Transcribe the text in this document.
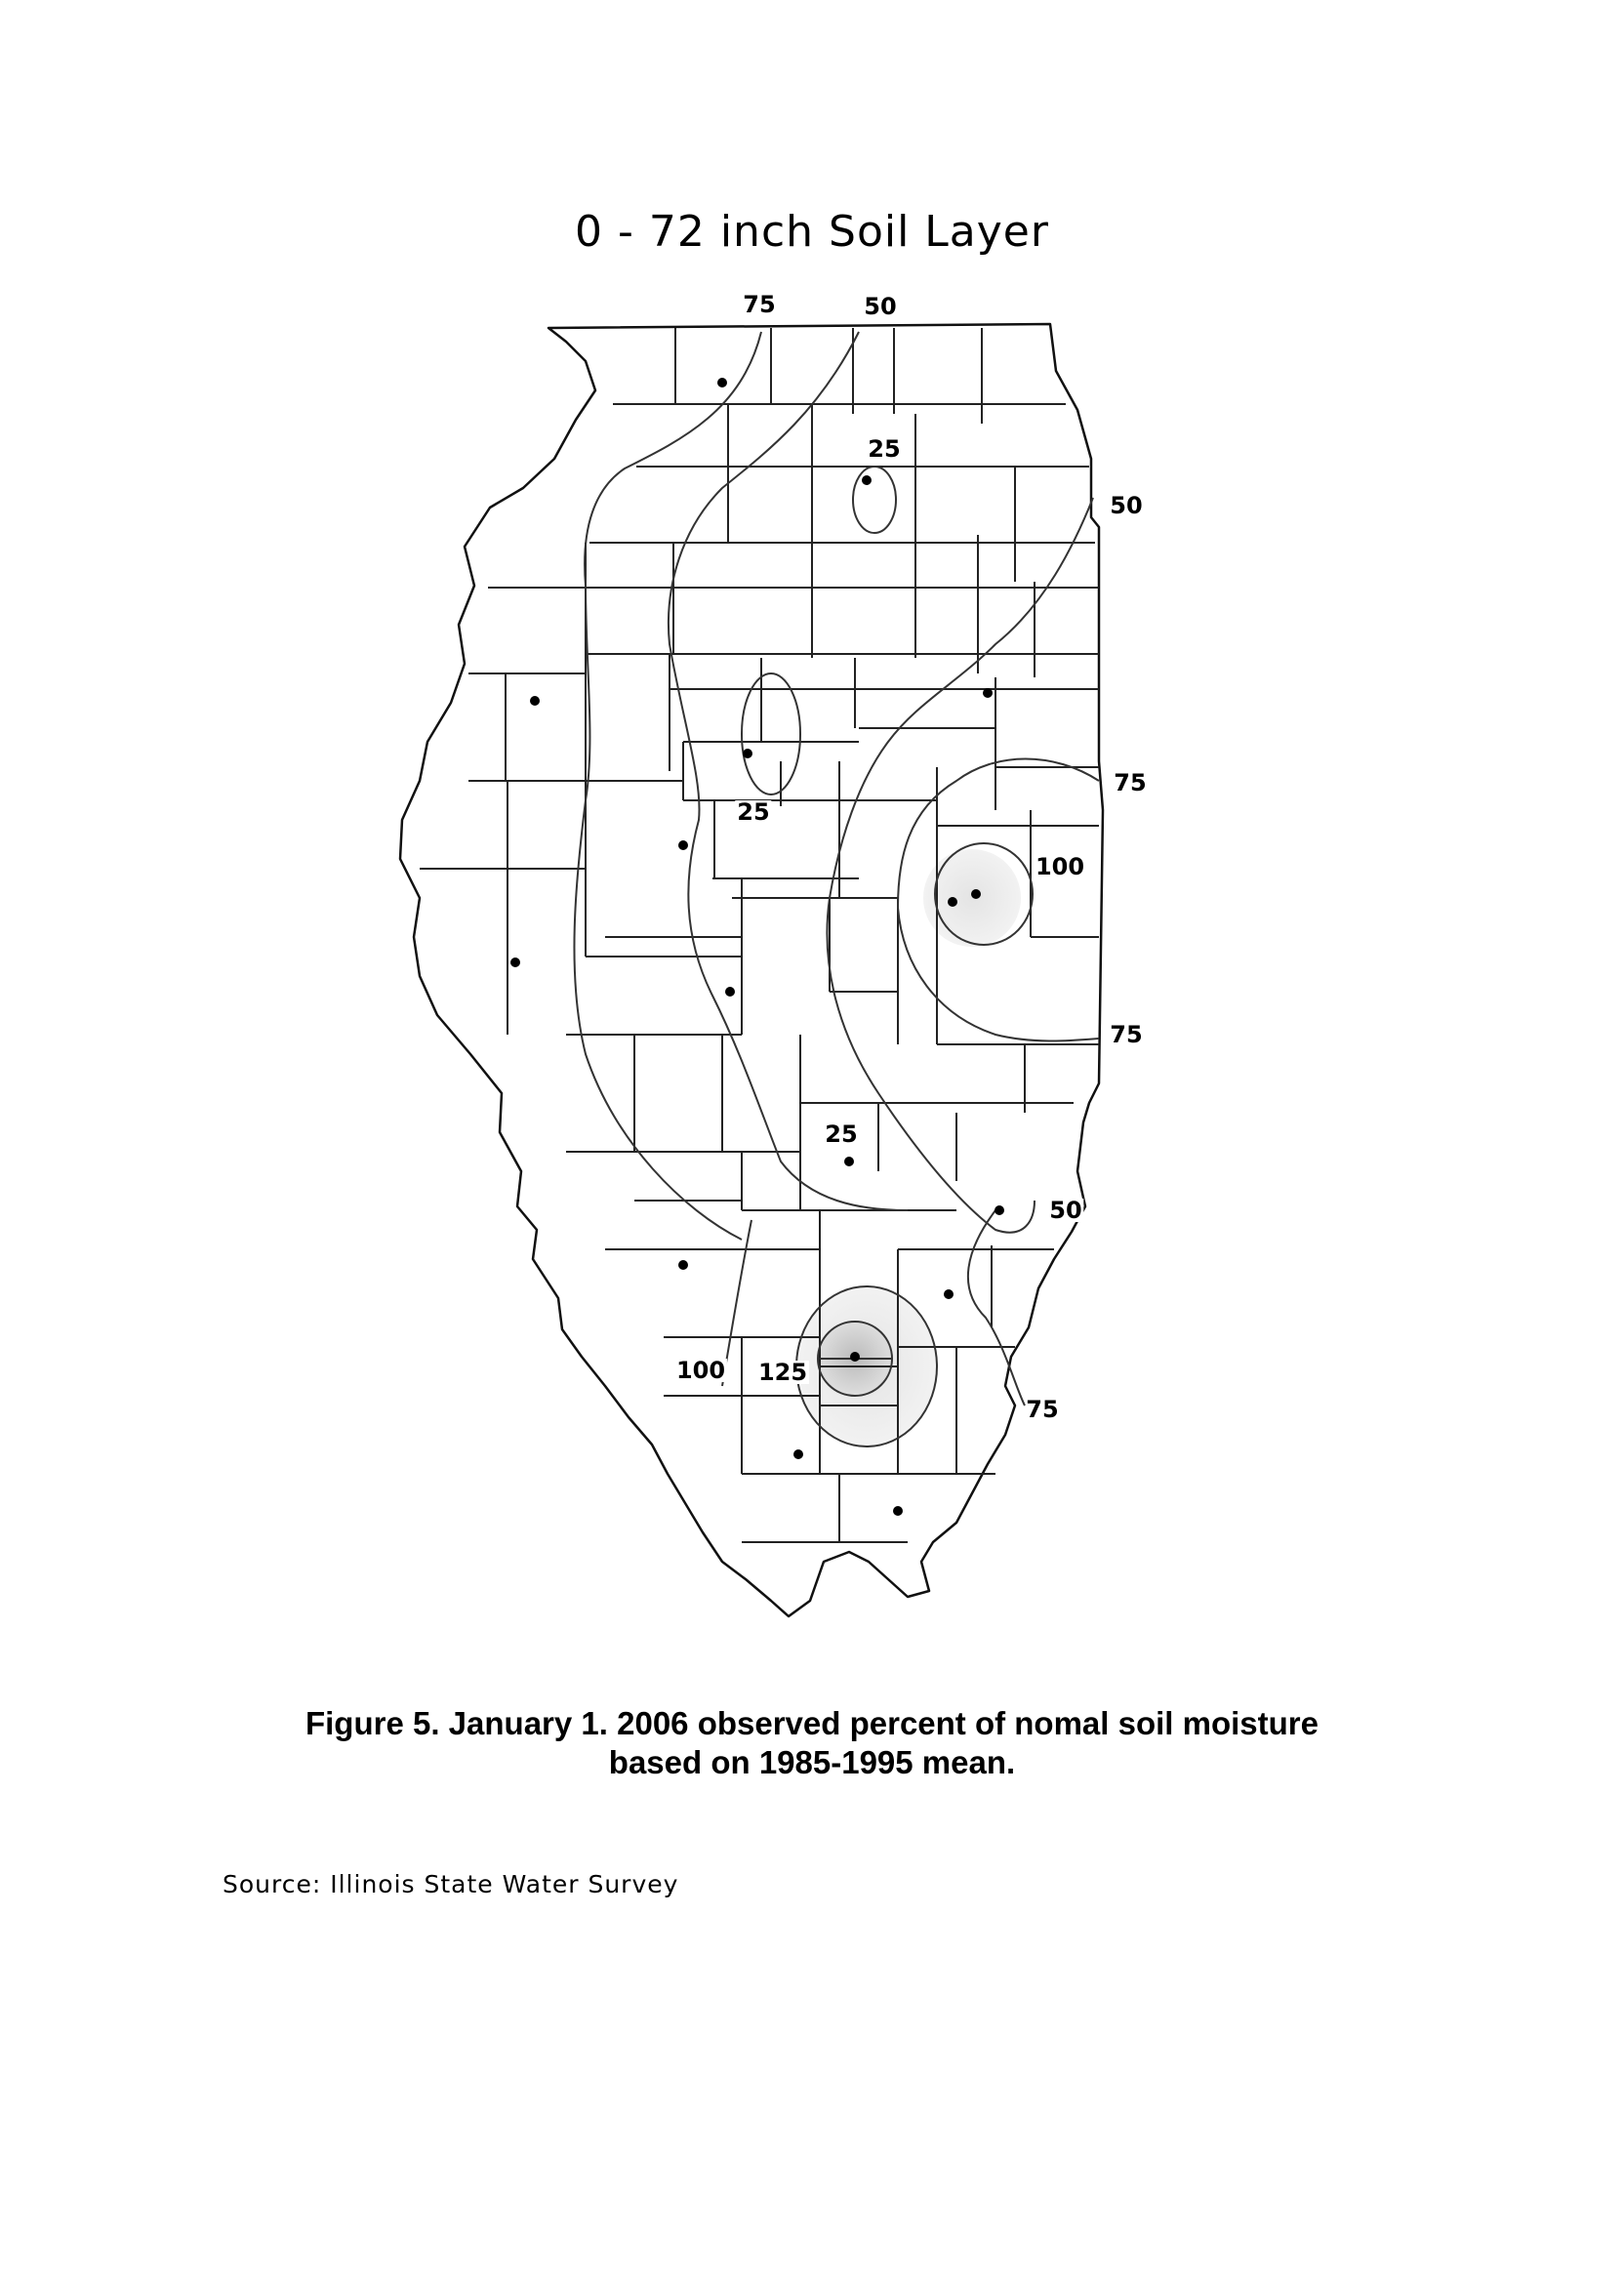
0 - 72 inch Soil Layer
75	50
25
50
75
100
25
75
25
50
100 125
75
Figure 5. January 1. 2006 observed percent of nomal soil moisture
based on 1985-1995 mean.
Source: Illinois State Water Survey
